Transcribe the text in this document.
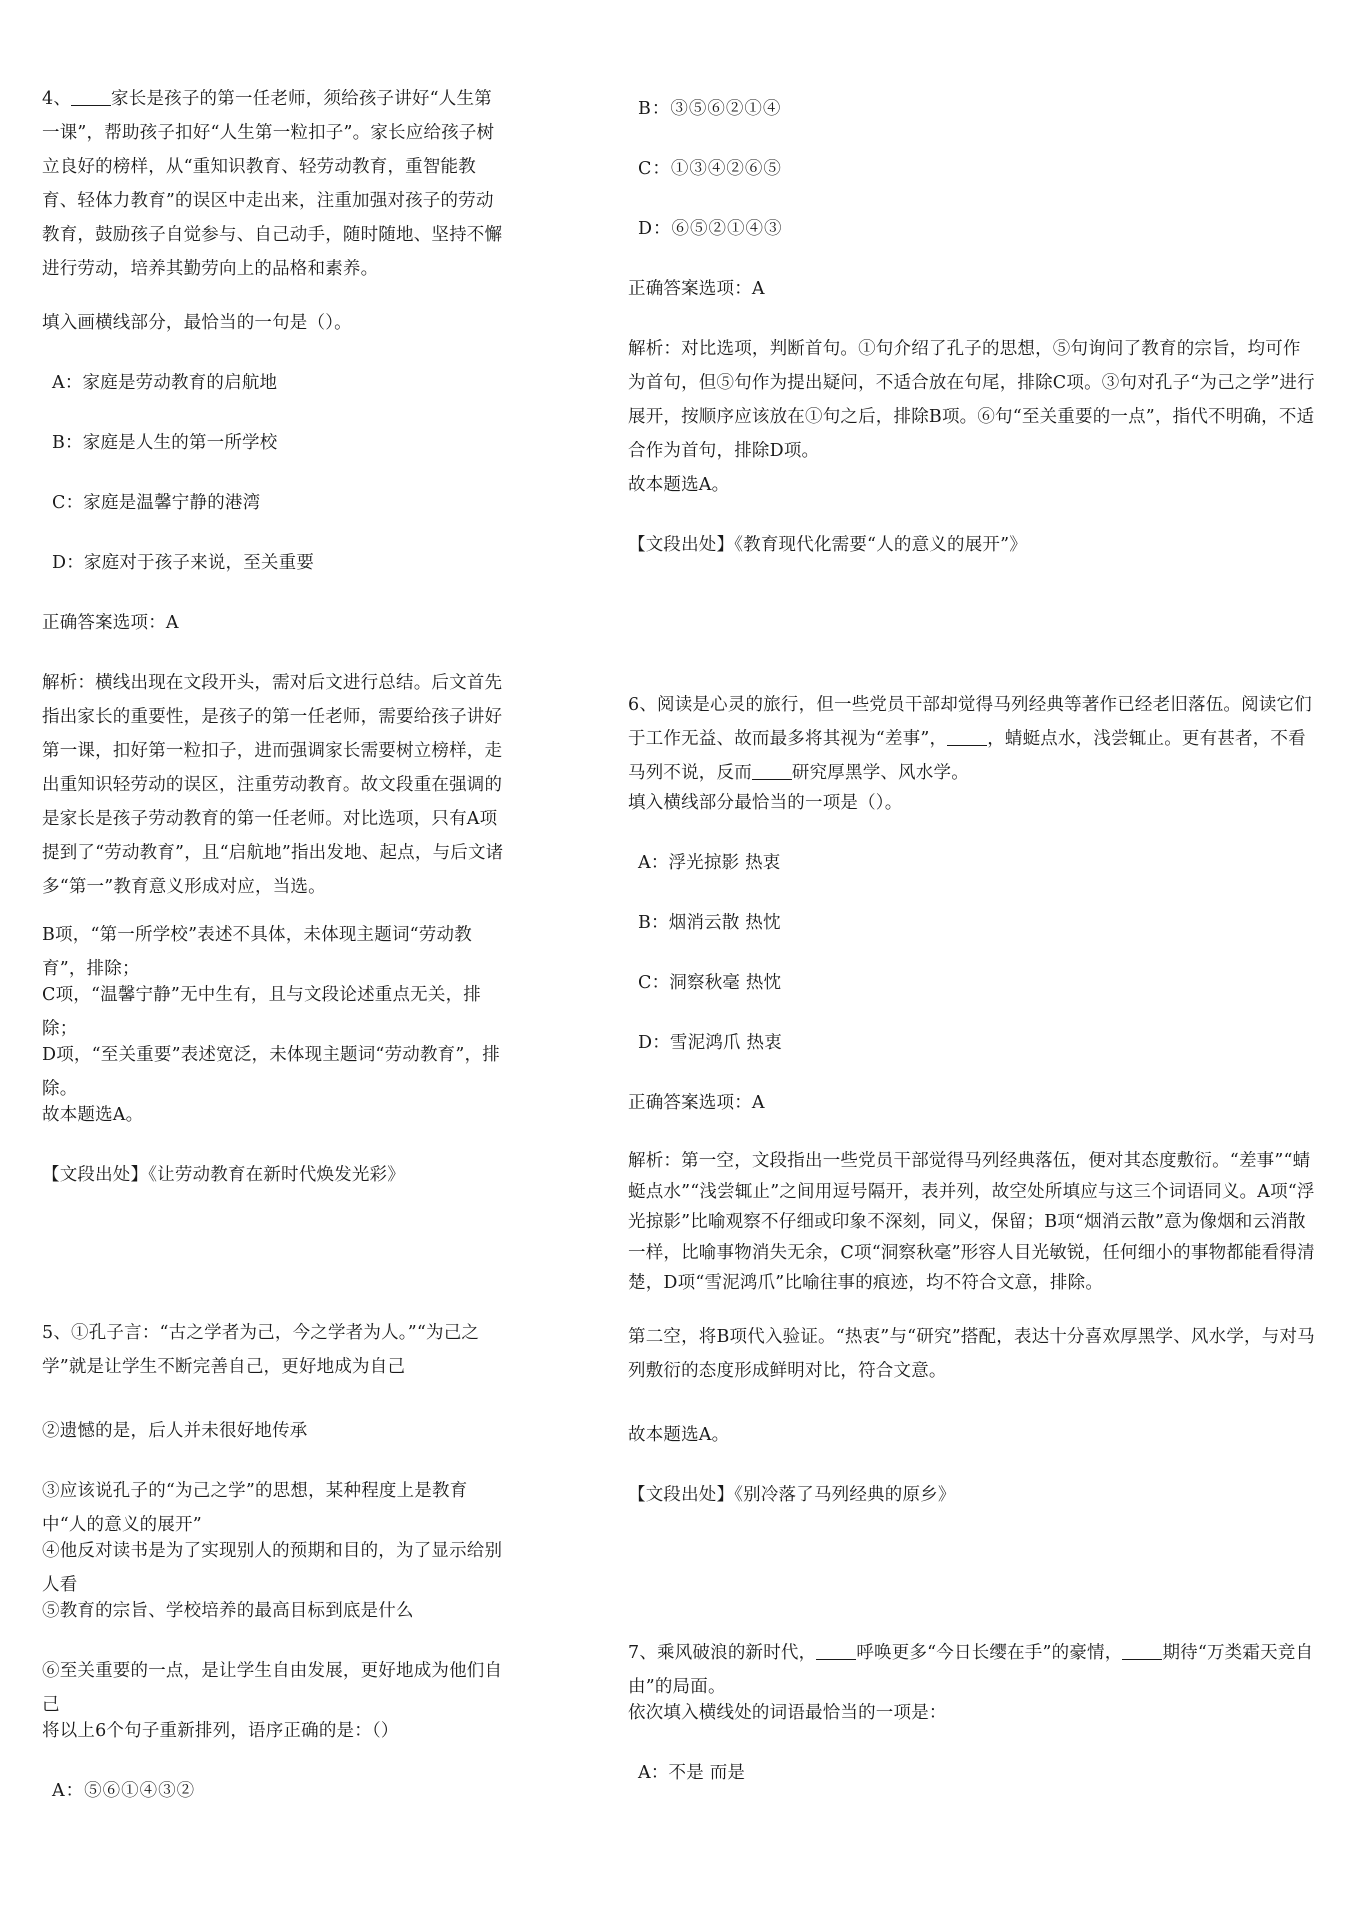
4、 家长是孩子的第一任老师，须给孩子讲好“人生第一课”，帮助孩子扣好“人生第一粒扣子”。家长应给孩子树立良好的榜样，从“重知识教育、轻劳动教育，重智能教育、轻体力教育”的误区中走出来，注重加强对孩子的劳动教育，鼓励孩子自觉参与、自己动手，随时随地、坚持不懈进行劳动，培养其勤劳向上的品格和素养。
填入画横线部分，最恰当的一句是（）。
A：家庭是劳动教育的启航地
B：家庭是人生的第一所学校
C：家庭是温馨宁静的港湾
D：家庭对于孩子来说，至关重要
正确答案选项：A
解析：横线出现在文段开头，需对后文进行总结。后文首先指出家长的重要性，是孩子的第一任老师，需要给孩子讲好第一课，扣好第一粒扣子，进而强调家长需要树立榜样，走出重知识轻劳动的误区，注重劳动教育。故文段重在强调的是家长是孩子劳动教育的第一任老师。对比选项，只有A项提到了“劳动教育”，且“启航地”指出发地、起点，与后文诸多“第一”教育意义形成对应，当选。
B项，“第一所学校”表述不具体，未体现主题词“劳动教育”，排除；
C项，“温馨宁静”无中生有，且与文段论述重点无关，排除；
D项，“至关重要”表述宽泛，未体现主题词“劳动教育”，排除。
故本题选A。
【文段出处】《让劳动教育在新时代焕发光彩》
5、①孔子言：“古之学者为己，今之学者为人。”“为己之学”就是让学生不断完善自己，更好地成为自己
②遗憾的是，后人并未很好地传承
③应该说孔子的“为己之学”的思想，某种程度上是教育中“人的意义的展开”
④他反对读书是为了实现别人的预期和目的，为了显示给别人看
⑤教育的宗旨、学校培养的最高目标到底是什么
⑥至关重要的一点，是让学生自由发展，更好地成为他们自己
将以上6个句子重新排列，语序正确的是：（）
A：⑤⑥①④③②
B：③⑤⑥②①④
C：①③④②⑥⑤
D：⑥⑤②①④③
正确答案选项：A
解析：对比选项，判断首句。①句介绍了孔子的思想，⑤句询问了教育的宗旨，均可作为首句，但⑤句作为提出疑问，不适合放在句尾，排除C项。③句对孔子“为己之学”进行展开，按顺序应该放在①句之后，排除B项。⑥句“至关重要的一点”，指代不明确，不适合作为首句，排除D项。
故本题选A。
【文段出处】《教育现代化需要“人的意义的展开”》
6、阅读是心灵的旅行，但一些党员干部却觉得马列经典等著作已经老旧落伍。阅读它们于工作无益、故而最多将其视为“差事”， ，蜻蜓点水，浅尝辄止。更有甚者，不看马列不说，反而 研究厚黑学、风水学。
填入横线部分最恰当的一项是（）。
A：浮光掠影 热衷
B：烟消云散 热忱
C：洞察秋毫 热忱
D：雪泥鸿爪 热衷
正确答案选项：A
解析：第一空，文段指出一些党员干部觉得马列经典落伍，便对其态度敷衍。“差事”“蜻蜓点水”“浅尝辄止”之间用逗号隔开，表并列，故空处所填应与这三个词语同义。A项“浮光掠影”比喻观察不仔细或印象不深刻，同义，保留；B项“烟消云散”意为像烟和云消散一样，比喻事物消失无余，C项“洞察秋毫”形容人目光敏锐，任何细小的事物都能看得清楚，D项“雪泥鸿爪”比喻往事的痕迹，均不符合文意，排除。
第二空，将B项代入验证。“热衷”与“研究”搭配，表达十分喜欢厚黑学、风水学，与对马列敷衍的态度形成鲜明对比，符合文意。
故本题选A。
【文段出处】《别冷落了马列经典的原乡》
7、乘风破浪的新时代， 呼唤更多“今日长缨在手”的豪情， 期待“万类霜天竞自由”的局面。
依次填入横线处的词语最恰当的一项是：
A：不是 而是
